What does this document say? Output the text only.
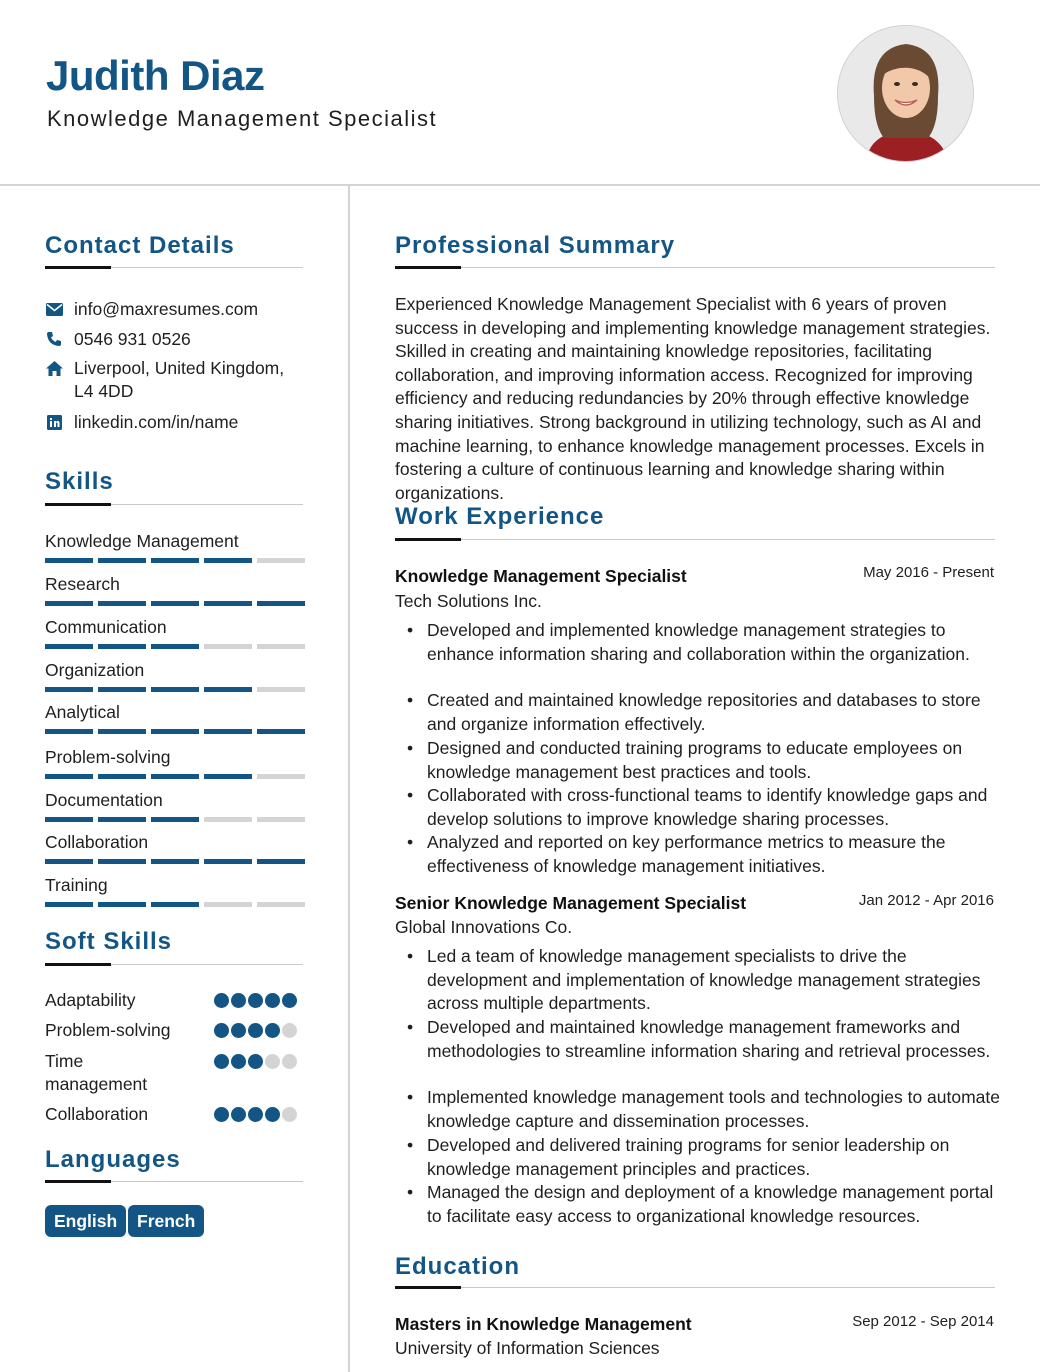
Judith Diaz
Knowledge Management Specialist
Contact Details
info@maxresumes.com
0546 931 0526
Liverpool, United Kingdom, L4 4DD
linkedin.com/in/name
Skills
Knowledge Management
Research
Communication
Organization
Analytical
Problem-solving
Documentation
Collaboration
Training
Soft Skills
Adaptability
Problem-solving
Time management
Collaboration
Languages
English	French
Professional Summary
Experienced Knowledge Management Specialist with 6 years of proven success in developing and implementing knowledge management strategies. Skilled in creating and maintaining knowledge repositories, facilitating collaboration, and improving information access. Recognized for improving efficiency and reducing redundancies by 20% through effective knowledge sharing initiatives. Strong background in utilizing technology, such as AI and machine learning, to enhance knowledge management processes. Excels in fostering a culture of continuous learning and knowledge sharing within organizations.
Work Experience
Knowledge Management Specialist	May 2016 - Present
Tech Solutions Inc.
• Developed and implemented knowledge management strategies to enhance information sharing and collaboration within the organization.
• Created and maintained knowledge repositories and databases to store and organize information effectively.
• Designed and conducted training programs to educate employees on knowledge management best practices and tools.
• Collaborated with cross-functional teams to identify knowledge gaps and develop solutions to improve knowledge sharing processes.
• Analyzed and reported on key performance metrics to measure the effectiveness of knowledge management initiatives.
Senior Knowledge Management Specialist	Jan 2012 - Apr 2016
Global Innovations Co.
• Led a team of knowledge management specialists to drive the development and implementation of knowledge management strategies across multiple departments.
• Developed and maintained knowledge management frameworks and methodologies to streamline information sharing and retrieval processes.
• Implemented knowledge management tools and technologies to automate knowledge capture and dissemination processes.
• Developed and delivered training programs for senior leadership on knowledge management principles and practices.
• Managed the design and deployment of a knowledge management portal to facilitate easy access to organizational knowledge resources.
Education
Masters in Knowledge Management	Sep 2012 - Sep 2014
University of Information Sciences
